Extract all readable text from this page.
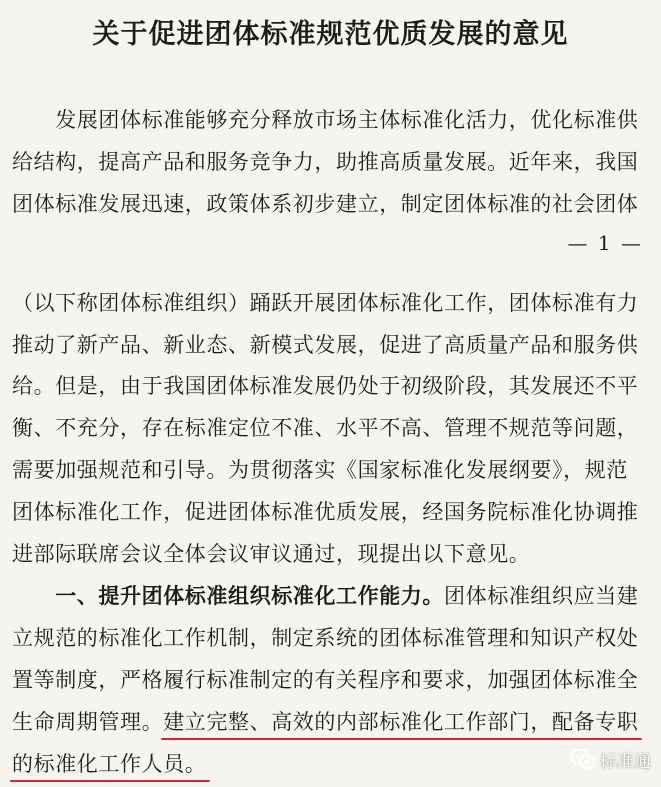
关于促进团体标准规范优质发展的意见
　　发展团体标准能够充分释放市场主体标准化活力，优化标准供
给结构，提高产品和服务竞争力，助推高质量发展。近年来，我国
团体标准发展迅速，政策体系初步建立，制定团体标准的社会团体
— 1 —
（以下称团体标准组织）踊跃开展团体标准化工作，团体标准有力
推动了新产品、新业态、新模式发展，促进了高质量产品和服务供
给。但是，由于我国团体标准发展仍处于初级阶段，其发展还不平
衡、不充分，存在标准定位不准、水平不高、管理不规范等问题，
需要加强规范和引导。为贯彻落实《国家标准化发展纲要》，规范
团体标准化工作，促进团体标准优质发展，经国务院标准化协调推
进部际联席会议全体会议审议通过，现提出以下意见。
　　一、提升团体标准组织标准化工作能力。团体标准组织应当建
立规范的标准化工作机制，制定系统的团体标准管理和知识产权处
置等制度，严格履行标准制定的有关程序和要求，加强团体标准全
生命周期管理。建立完整、高效的内部标准化工作部门，配备专职
的标准化工作人员。	标准通
